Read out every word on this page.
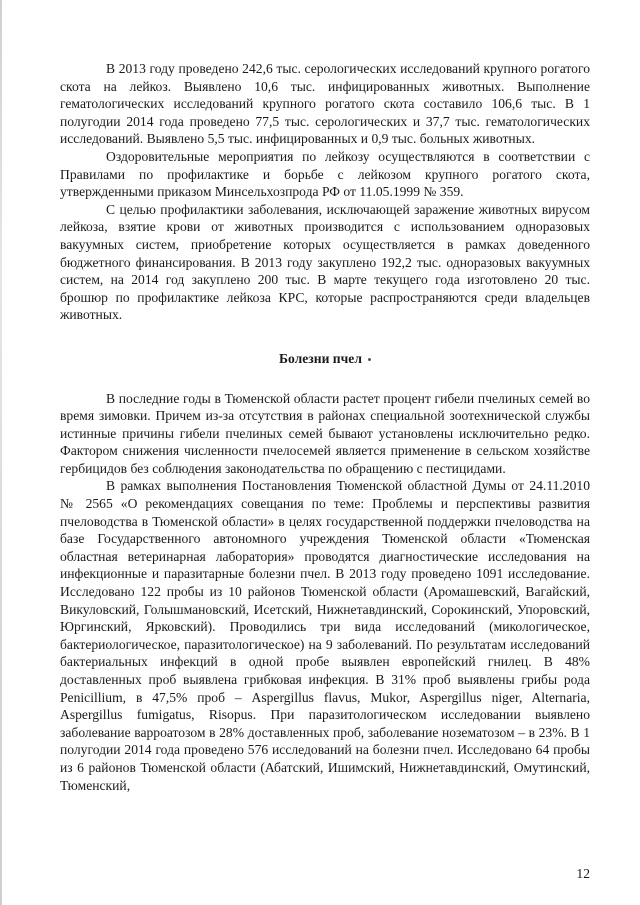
В 2013 году проведено 242,6 тыс. серологических исследований крупного рогатого скота на лейкоз. Выявлено 10,6 тыс. инфицированных животных. Выполнение гематологических исследований крупного рогатого скота составило 106,6 тыс. В 1 полугодии 2014 года проведено 77,5 тыс. серологических и 37,7 тыс. гематологических исследований. Выявлено 5,5 тыс. инфицированных и 0,9 тыс. больных животных.

Оздоровительные мероприятия по лейкозу осуществляются в соответствии с Правилами по профилактике и борьбе с лейкозом крупного рогатого скота, утвержденными приказом Минсельхозпрода РФ от 11.05.1999 № 359.

С целью профилактики заболевания, исключающей заражение животных вирусом лейкоза, взятие крови от животных производится с использованием одноразовых вакуумных систем, приобретение которых осуществляется в рамках доведенного бюджетного финансирования. В 2013 году закуплено 192,2 тыс. одноразовых вакуумных систем, на 2014 год закуплено 200 тыс. В марте текущего года изготовлено 20 тыс. брошюр по профилактике лейкоза КРС, которые распространяются среди владельцев животных.

Болезни пчел

В последние годы в Тюменской области растет процент гибели пчелиных семей во время зимовки. Причем из-за отсутствия в районах специальной зоотехнической службы истинные причины гибели пчелиных семей бывают установлены исключительно редко. Фактором снижения численности пчелосемей является применение в сельском хозяйстве гербицидов без соблюдения законодательства по обращению с пестицидами.

В рамках выполнения Постановления Тюменской областной Думы от 24.11.2010 № 2565 «О рекомендациях совещания по теме: Проблемы и перспективы развития пчеловодства в Тюменской области» в целях государственной поддержки пчеловодства на базе Государственного автономного учреждения Тюменской области «Тюменская областная ветеринарная лаборатория» проводятся диагностические исследования на инфекционные и паразитарные болезни пчел. В 2013 году проведено 1091 исследование. Исследовано 122 пробы из 10 районов Тюменской области (Аромашевский, Вагайский, Викуловский, Голышмановский, Исетский, Нижнетавдинский, Сорокинский, Упоровский, Юргинский, Ярковский). Проводились три вида исследований (микологическое, бактериологическое, паразитологическое) на 9 заболеваний. По результатам исследований бактериальных инфекций в одной пробе выявлен европейский гнилец. В 48% доставленных проб выявлена грибковая инфекция. В 31% проб выявлены грибы рода Penicillium, в 47,5% проб – Aspergillus flavus, Mukor, Aspergillus niger, Alternaria, Aspergillus fumigatus, Risopus. При паразитологическом исследовании выявлено заболевание варроатозом в 28% доставленных проб, заболевание нозематозом – в 23%. В 1 полугодии 2014 года проведено 576 исследований на болезни пчел. Исследовано 64 пробы из 6 районов Тюменской области (Абатский, Ишимский, Нижнетавдинский, Омутинский, Тюменский,

12
